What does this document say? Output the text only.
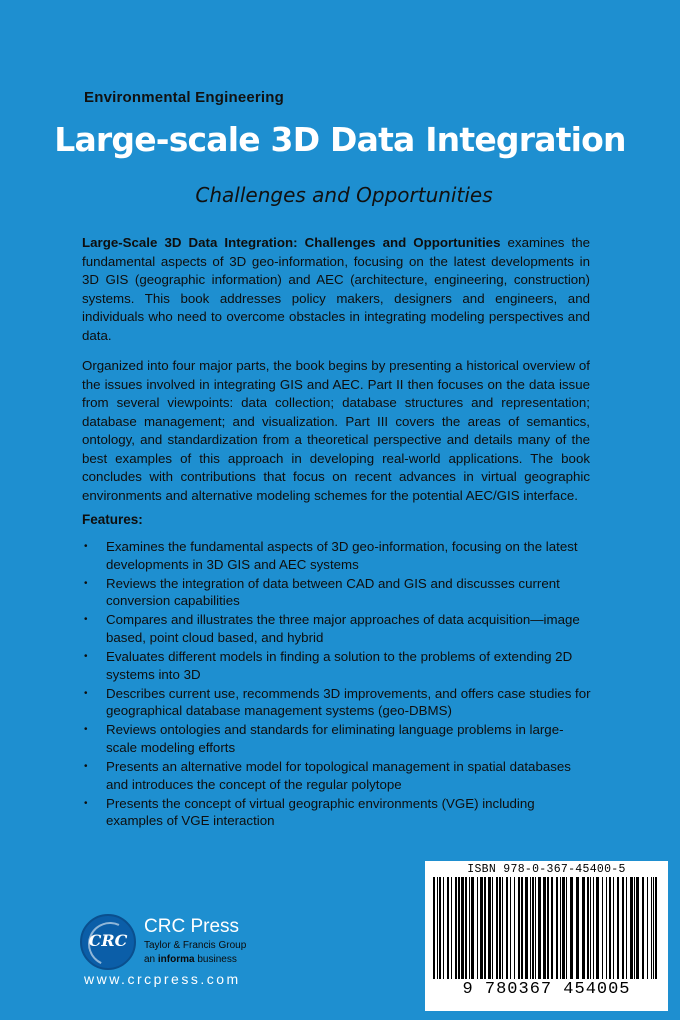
Environmental Engineering
Large-scale 3D Data Integration
Challenges and Opportunities

Large-Scale 3D Data Integration: Challenges and Opportunities examines the fundamental aspects of 3D geo-information, focusing on the latest developments in 3D GIS (geographic information) and AEC (architecture, engineering, construction) systems. This book addresses policy makers, designers and engineers, and individuals who need to overcome obstacles in integrating modeling perspectives and data.

Organized into four major parts, the book begins by presenting a historical overview of the issues involved in integrating GIS and AEC. Part II then focuses on the data issue from several viewpoints: data collection; database structures and representation; database management; and visualization. Part III covers the areas of semantics, ontology, and standardization from a theoretical perspective and details many of the best examples of this approach in developing real-world applications. The book concludes with contributions that focus on recent advances in virtual geographic environments and alternative modeling schemes for the potential AEC/GIS interface.

Features:
• Examines the fundamental aspects of 3D geo-information, focusing on the latest developments in 3D GIS and AEC systems
• Reviews the integration of data between CAD and GIS and discusses current conversion capabilities
• Compares and illustrates the three major approaches of data acquisition—image based, point cloud based, and hybrid
• Evaluates different models in finding a solution to the problems of extending 2D systems into 3D
• Describes current use, recommends 3D improvements, and offers case studies for geographical database management systems (geo-DBMS)
• Reviews ontologies and standards for eliminating language problems in large-scale modeling efforts
• Presents an alternative model for topological management in spatial databases and introduces the concept of the regular polytope
• Presents the concept of virtual geographic environments (VGE) including examples of VGE interaction
CRC
CRC Press
Taylor & Francis Group
an informa business
www.crcpress.com
ISBN 978-0-367-45400-5
9 780367 454005
